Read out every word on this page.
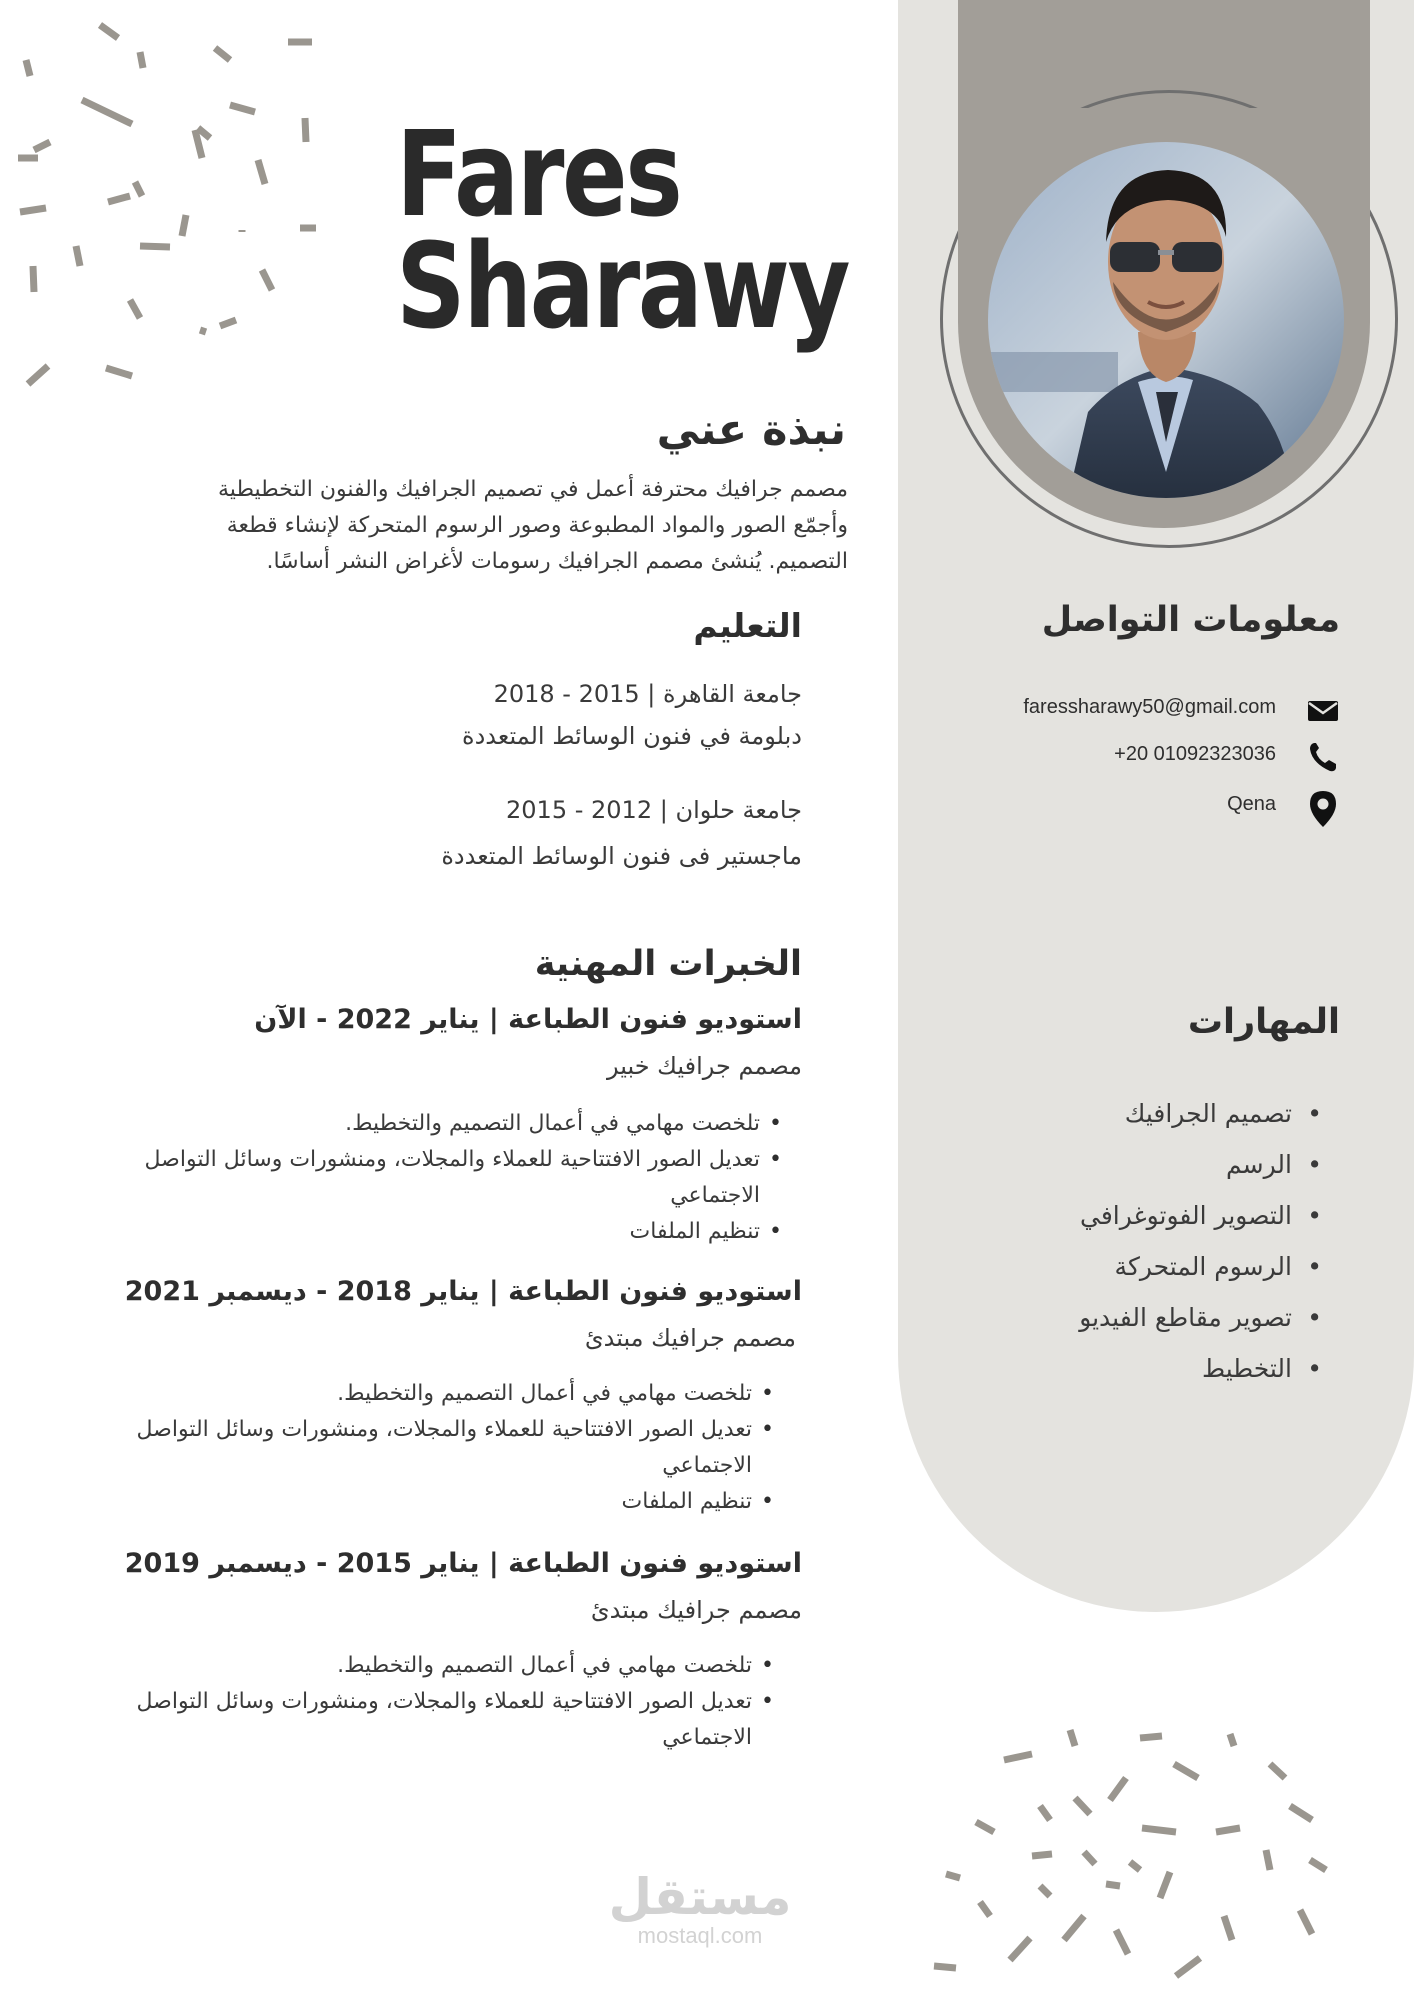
Fares
Sharawy
نبذة عني
مصمم جرافيك محترفة أعمل في تصميم الجرافيك والفنون التخطيطية
وأجمّع الصور والمواد المطبوعة وصور الرسوم المتحركة لإنشاء قطعة
التصميم. يُنشئ مصمم الجرافيك رسومات لأغراض النشر أساسًا.
التعليم
جامعة القاهرة | 2015 - 2018
دبلومة في فنون الوسائط المتعددة
جامعة حلوان | 2012 - 2015
ماجستير فى فنون الوسائط المتعددة
الخبرات المهنية
استوديو فنون الطباعة | يناير 2022 - الآن
مصمم جرافيك خبير
• تلخصت مهامي في أعمال التصميم والتخطيط.
• تعديل الصور الافتتاحية للعملاء والمجلات، ومنشورات وسائل التواصل الاجتماعي
• تنظيم الملفات
استوديو فنون الطباعة | يناير 2018 - ديسمبر 2021
مصمم جرافيك مبتدئ
• تلخصت مهامي في أعمال التصميم والتخطيط.
• تعديل الصور الافتتاحية للعملاء والمجلات، ومنشورات وسائل التواصل الاجتماعي
• تنظيم الملفات
استوديو فنون الطباعة | يناير 2015 - ديسمبر 2019
مصمم جرافيك مبتدئ
• تلخصت مهامي في أعمال التصميم والتخطيط.
• تعديل الصور الافتتاحية للعملاء والمجلات، ومنشورات وسائل التواصل الاجتماعي
معلومات التواصل
faressharawy50@gmail.com
+20 01092323036
Qena
المهارات
• تصميم الجرافيك
• الرسم
• التصوير الفوتوغرافي
• الرسوم المتحركة
• تصوير مقاطع الفيديو
• التخطيط
مستقل
mostaql.com
